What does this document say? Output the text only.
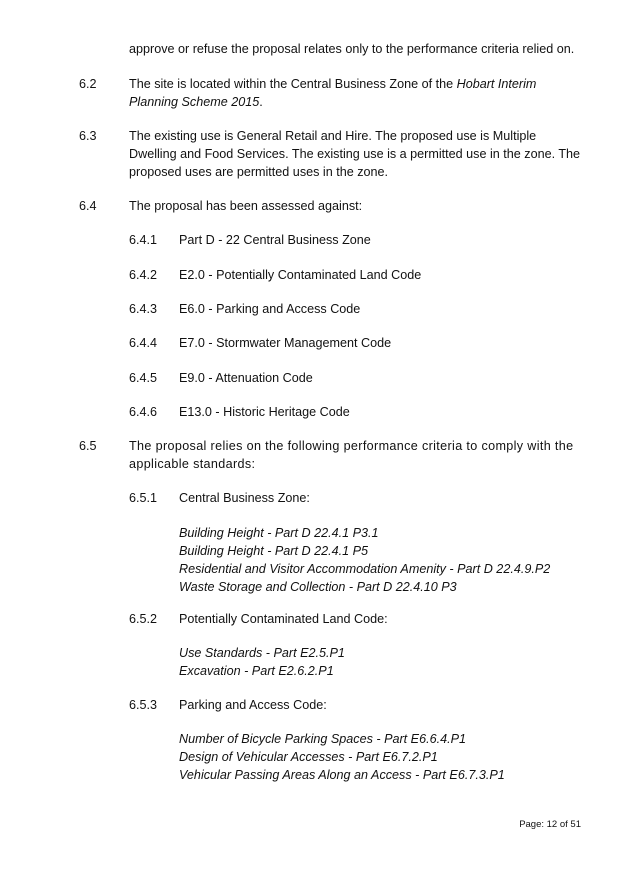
approve or refuse the proposal relates only to the performance criteria relied on.
6.2	The site is located within the Central Business Zone of the Hobart Interim Planning Scheme 2015.
6.3	The existing use is General Retail and Hire. The proposed use is Multiple Dwelling and Food Services. The existing use is a permitted use in the zone. The proposed uses are permitted uses in the zone.
6.4	The proposal has been assessed against:
6.4.1 Part D - 22 Central Business Zone
6.4.2 E2.0 - Potentially Contaminated Land Code
6.4.3 E6.0 - Parking and Access Code
6.4.4 E7.0 - Stormwater Management Code
6.4.5 E9.0 - Attenuation Code
6.4.6 E13.0 - Historic Heritage Code
6.5	The proposal relies on the following performance criteria to comply with the applicable standards:
6.5.1 Central Business Zone:
Building Height - Part D 22.4.1 P3.1
Building Height - Part D 22.4.1 P5
Residential and Visitor Accommodation Amenity - Part D 22.4.9.P2
Waste Storage and Collection - Part D 22.4.10 P3
6.5.2 Potentially Contaminated Land Code:
Use Standards - Part E2.5.P1
Excavation - Part E2.6.2.P1
6.5.3 Parking and Access Code:
Number of Bicycle Parking Spaces - Part E6.6.4.P1
Design of Vehicular Accesses - Part E6.7.2.P1
Vehicular Passing Areas Along an Access - Part E6.7.3.P1
Page: 12 of 51
